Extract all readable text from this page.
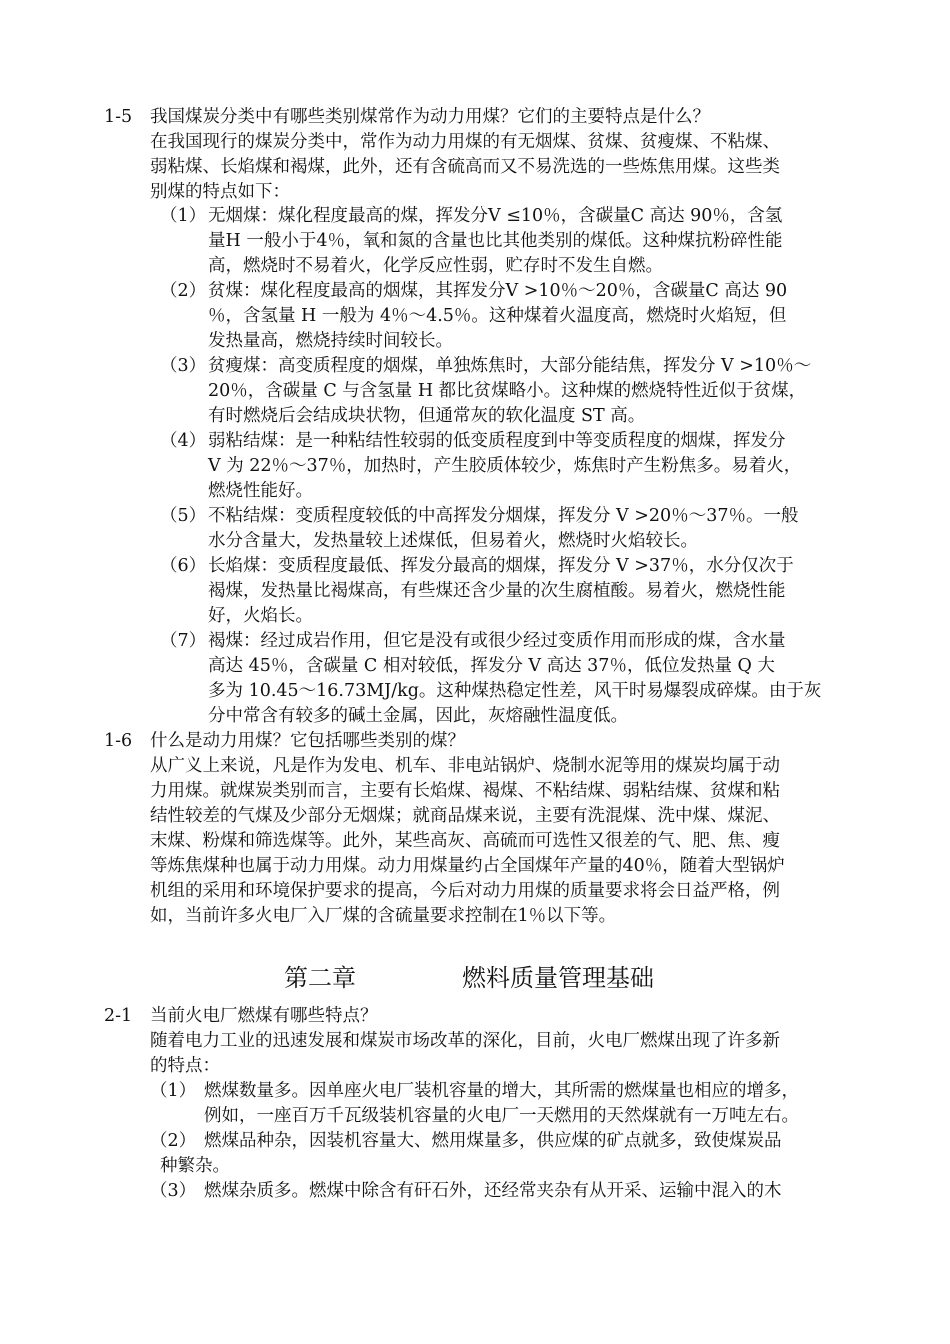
1-5 我国煤炭分类中有哪些类别煤常作为动力用煤？它们的主要特点是什么？
在我国现行的煤炭分类中，常作为动力用煤的有无烟煤、贫煤、贫瘦煤、不粘煤、
弱粘煤、长焰煤和褐煤，此外，还有含硫高而又不易洗选的一些炼焦用煤。这些类
别煤的特点如下：
（1） 无烟煤：煤化程度最高的煤，挥发分V ≤10％，含碳量C 高达 90％，含氢
量H 一般小于4％，氧和氮的含量也比其他类别的煤低。这种煤抗粉碎性能
高，燃烧时不易着火，化学反应性弱，贮存时不发生自燃。
（2） 贫煤：煤化程度最高的烟煤，其挥发分V >10％～20％，含碳量C 高达 90
％，含氢量 H 一般为 4％～4.5％。这种煤着火温度高，燃烧时火焰短，但
发热量高，燃烧持续时间较长。
（3） 贫瘦煤：高变质程度的烟煤，单独炼焦时，大部分能结焦，挥发分 V >10％～
20％，含碳量 C 与含氢量 H 都比贫煤略小。这种煤的燃烧特性近似于贫煤，
有时燃烧后会结成块状物，但通常灰的软化温度 ST 高。
（4） 弱粘结煤：是一种粘结性较弱的低变质程度到中等变质程度的烟煤，挥发分
V 为 22％～37％，加热时，产生胶质体较少，炼焦时产生粉焦多。易着火，
燃烧性能好。
（5） 不粘结煤：变质程度较低的中高挥发分烟煤，挥发分 V >20％～37％。一般
水分含量大，发热量较上述煤低，但易着火，燃烧时火焰较长。
（6） 长焰煤：变质程度最低、挥发分最高的烟煤，挥发分 V >37％，水分仅次于
褐煤，发热量比褐煤高，有些煤还含少量的次生腐植酸。易着火，燃烧性能
好，火焰长。
（7） 褐煤：经过成岩作用，但它是没有或很少经过变质作用而形成的煤，含水量
高达 45％，含碳量 C 相对较低，挥发分 V 高达 37％，低位发热量 Q 大
多为 10.45～16.73MJ/kg。这种煤热稳定性差，风干时易爆裂成碎煤。由于灰
分中常含有较多的碱土金属，因此，灰熔融性温度低。
1-6 什么是动力用煤？它包括哪些类别的煤？
从广义上来说，凡是作为发电、机车、非电站锅炉、烧制水泥等用的煤炭均属于动
力用煤。就煤炭类别而言，主要有长焰煤、褐煤、不粘结煤、弱粘结煤、贫煤和粘
结性较差的气煤及少部分无烟煤；就商品煤来说，主要有洗混煤、洗中煤、煤泥、
末煤、粉煤和筛选煤等。此外，某些高灰、高硫而可选性又很差的气、肥、焦、瘦
等炼焦煤种也属于动力用煤。动力用煤量约占全国煤年产量的40％，随着大型锅炉
机组的采用和环境保护要求的提高，今后对动力用煤的质量要求将会日益严格，例
如，当前许多火电厂入厂煤的含硫量要求控制在1％以下等。
2-1 当前火电厂燃煤有哪些特点？
随着电力工业的迅速发展和煤炭市场改革的深化，目前，火电厂燃煤出现了许多新
的特点：
（1） 燃煤数量多。因单座火电厂装机容量的增大，其所需的燃煤量也相应的增多，
例如，一座百万千瓦级装机容量的火电厂一天燃用的天然煤就有一万吨左右。
（2） 燃煤品种杂，因装机容量大、燃用煤量多，供应煤的矿点就多，致使煤炭品
种繁杂。
（3） 燃煤杂质多。燃煤中除含有矸石外，还经常夹杂有从开采、运输中混入的木
第二章	燃料质量管理基础
